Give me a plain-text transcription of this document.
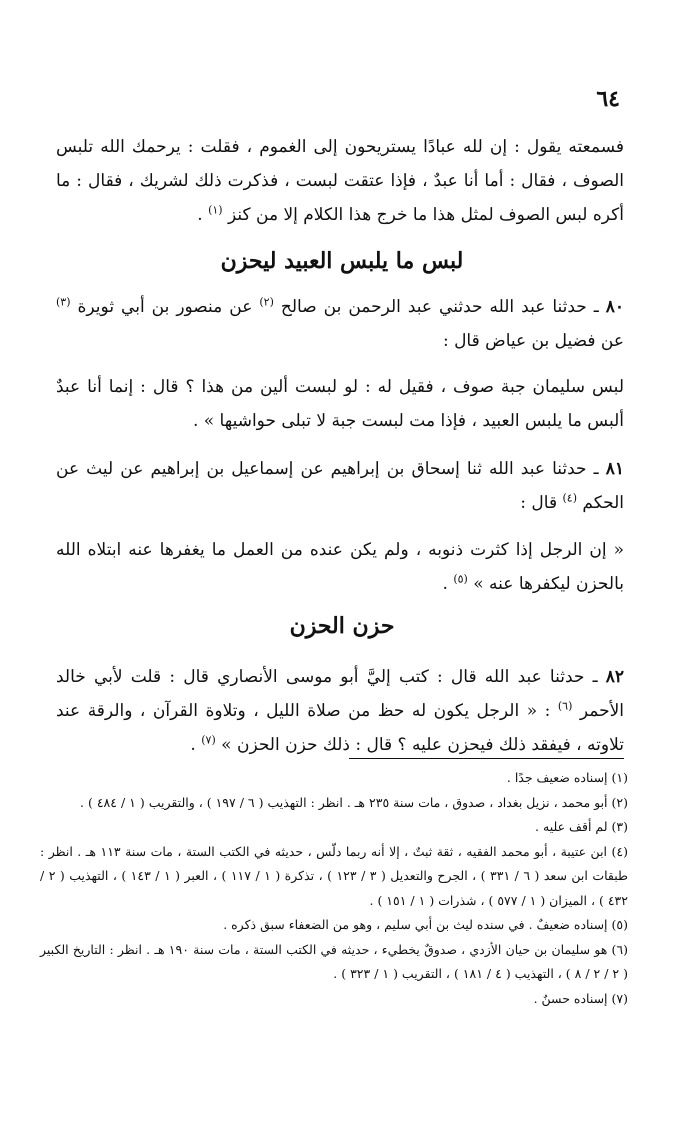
٦٤
فسمعته يقول : إن لله عبادًا يستريحون إلى الغموم ، فقلت : يرحمك الله تلبس الصوف ، فقال : أما أنا عبدٌ ، فإذا عتقت لبست ، فذكرت ذلك لشريك ، فقال : ما أكره لبس الصوف لمثل هذا ما خرج هذا الكلام إلا من كنز $^{(١)}$ .
لبس ما يلبس العبيد ليحزن
٨٠ ـ حدثنا عبد الله حدثني عبد الرحمن بن صالح $^{(٢)}$ عن منصور بن أبي ثويرة $^{(٣)}$ عن فضيل بن عياض قال :
لبس سليمان جبة صوف ، فقيل له : لو لبست ألين من هذا ؟ قال : إنما أنا عبدٌ ألبس ما يلبس العبيد ، فإذا مت لبست جبة لا تبلى حواشيها » .
٨١ ـ حدثنا عبد الله ثنا إسحاق بن إبراهيم عن إسماعيل بن إبراهيم عن ليث عن الحكم $^{(٤)}$ قال :
« إن الرجل إذا كثرت ذنوبه ، ولم يكن عنده من العمل ما يغفرها عنه ابتلاه الله بالحزن ليكفرها عنه » $^{(٥)}$ .
حزن الحزن
٨٢ ـ حدثنا عبد الله قال : كتب إليَّ أبو موسى الأنصاري قال : قلت لأبي خالد الأحمر $^{(٦)}$ : « الرجل يكون له حظ من صلاة الليل ، وتلاوة القرآن ، والرقة عند تلاوته ، فيفقد ذلك فيحزن عليه ؟ قال : ذلك حزن الحزن » $^{(٧)}$ .
(١) إسناده ضعيف جدًا .
(٢) أبو محمد ، نزيل بغداد ، صدوق ، مات سنة ٢٣٥ هـ . انظر : التهذيب ( ٦ / ١٩٧ ) ، والتقريب ( ١ / ٤٨٤ ) .
(٣) لم أقف عليه .
(٤) ابن عتيبة ، أبو محمد الفقيه ، ثقة ثبتٌ ، إلا أنه ربما دلّس ، حديثه في الكتب الستة ، مات سنة ١١٣ هـ . انظر : طبقات ابن سعد ( ٦ / ٣٣١ ) ، الجرح والتعديل ( ٣ / ١٢٣ ) ، تذكرة ( ١ / ١١٧ ) ، العبر ( ١ / ١٤٣ ) ، التهذيب ( ٢ / ٤٣٢ ) ، الميزان ( ١ / ٥٧٧ ) ، شذرات ( ١ / ١٥١ ) .
(٥) إسناده ضعيفٌ . في سنده ليث بن أبي سليم ، وهو من الضعفاء سبق ذكره .
(٦) هو سليمان بن حيان الأزدي ، صدوقٌ يخطيء ، حديثه في الكتب الستة ، مات سنة ١٩٠ هـ . انظر : التاريخ الكبير ( ٢ / ٢ / ٨ ) ، التهذيب ( ٤ / ١٨١ ) ، التقريب ( ١ / ٣٢٣ ) .
(٧) إسناده حسنٌ .
